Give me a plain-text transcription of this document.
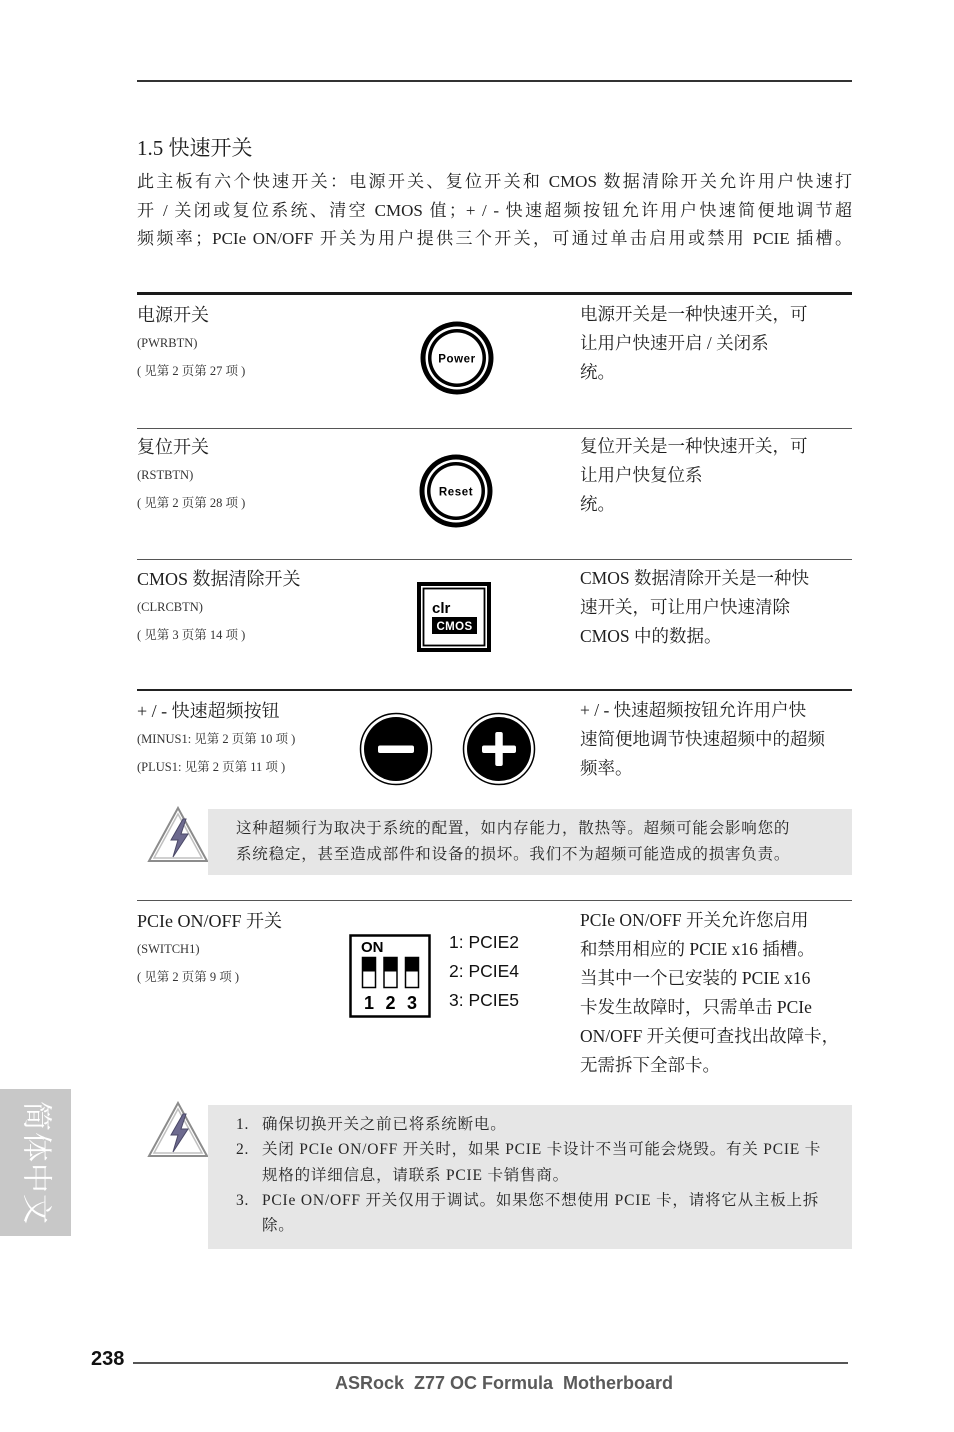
1.5 快速开关
此主板有六个快速开关：电源开关、复位开关和 CMOS 数据清除开关允许用户快速打
开 / 关闭或复位系统、清空 CMOS 值；+ / - 快速超频按钮允许用户快速简便地调节超
频频率；PCIe ON/OFF 开关为用户提供三个开关，可通过单击启用或禁用 PCIE 插槽。
电源开关
(PWRBTN)
( 见第 2 页第 27 项 )
Power
电源开关是一种快速开关，可
让用户快速开启 / 关闭系
统。
复位开关
(RSTBTN)
( 见第 2 页第 28 项 )
Reset
复位开关是一种快速开关，可
让用户快复位系
统。
CMOS 数据清除开关
(CLRCBTN)
( 见第 3 页第 14 项 )
clr
CMOS
CMOS 数据清除开关是一种快
速开关，可让用户快速清除
CMOS 中的数据。
+ / - 快速超频按钮
(MINUS1: 见第 2 页第 10 项 )
(PLUS1: 见第 2 页第 11 项 )
+ / - 快速超频按钮允许用户快
速简便地调节快速超频中的超频
频率。
这种超频行为取决于系统的配置，如内存能力，散热等。超频可能会影响您的
系统稳定，甚至造成部件和设备的损坏。我们不为超频可能造成的损害负责。
PCIe ON/OFF 开关
(SWITCH1)
( 见第 2 页第 9 项 )
ON
1 2 3
1: PCIE2
2: PCIE4
3: PCIE5
PCIe ON/OFF 开关允许您启用
和禁用相应的 PCIE x16 插槽。
当其中一个已安装的 PCIE x16
卡发生故障时，只需单击 PCIe
ON/OFF 开关便可查找出故障卡，
无需拆下全部卡。
1. 确保切换开关之前已将系统断电。
2. 关闭 PCIe ON/OFF 开关时，如果 PCIE 卡设计不当可能会烧毁。有关 PCIE 卡
规格的详细信息，请联系 PCIE 卡销售商。
3. PCIe ON/OFF 开关仅用于调试。如果您不想使用 PCIE 卡，请将它从主板上拆
除。
简体中文
238
ASRock  Z77 OC Formula  Motherboard
